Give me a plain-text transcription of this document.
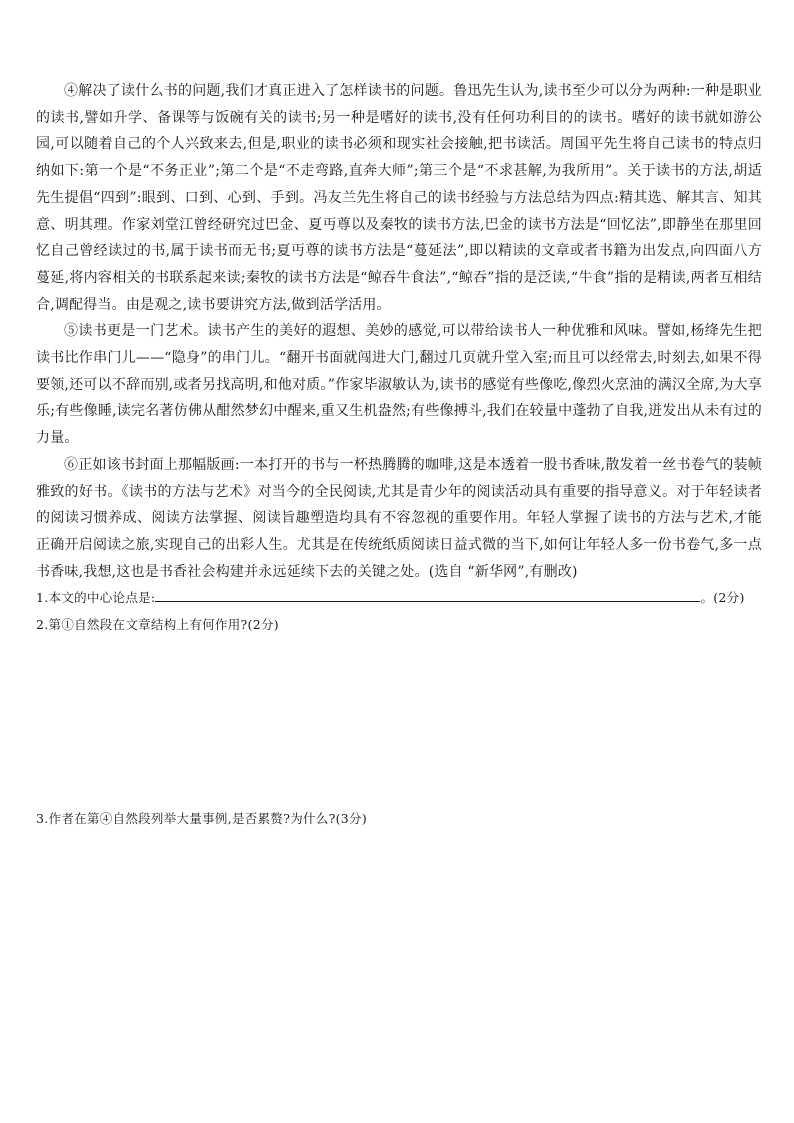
④解决了读什么书的问题,我们才真正进入了怎样读书的问题。鲁迅先生认为,读书至少可以分为两种:一种是职业的读书,譬如升学、备课等与饭碗有关的读书;另一种是嗜好的读书,没有任何功利目的的读书。嗜好的读书就如游公园,可以随着自己的个人兴致来去,但是,职业的读书必须和现实社会接触,把书读活。周国平先生将自己读书的特点归纳如下:第一个是“不务正业”;第二个是“不走弯路,直奔大师”;第三个是“不求甚解,为我所用”。关于读书的方法,胡适先生提倡“四到”:眼到、口到、心到、手到。冯友兰先生将自己的读书经验与方法总结为四点:精其选、解其言、知其意、明其理。作家刘堂江曾经研究过巴金、夏丏尊以及秦牧的读书方法,巴金的读书方法是“回忆法”,即静坐在那里回忆自己曾经读过的书,属于读书而无书;夏丏尊的读书方法是“蔓延法”,即以精读的文章或者书籍为出发点,向四面八方蔓延,将内容相关的书联系起来读;秦牧的读书方法是“鲸吞牛食法”,“鲸吞”指的是泛读,“牛食”指的是精读,两者互相结合,调配得当。由是观之,读书要讲究方法,做到活学活用。

⑤读书更是一门艺术。读书产生的美好的遐想、美妙的感觉,可以带给读书人一种优雅和风味。譬如,杨绛先生把读书比作串门儿——“隐身”的串门儿。“翻开书面就闯进大门,翻过几页就升堂入室;而且可以经常去,时刻去,如果不得要领,还可以不辞而别,或者另找高明,和他对质。”作家毕淑敏认为,读书的感觉有些像吃,像烈火烹油的满汉全席,为大享乐;有些像睡,读完名著仿佛从酣然梦幻中醒来,重又生机盎然;有些像搏斗,我们在较量中蓬勃了自我,迸发出从未有过的力量。

⑥正如该书封面上那幅版画:一本打开的书与一杯热腾腾的咖啡,这是本透着一股书香味,散发着一丝书卷气的装帧雅致的好书。《读书的方法与艺术》对当今的全民阅读,尤其是青少年的阅读活动具有重要的指导意义。对于年轻读者的阅读习惯养成、阅读方法掌握、阅读旨趣塑造均具有不容忽视的重要作用。年轻人掌握了读书的方法与艺术,才能正确开启阅读之旅,实现自己的出彩人生。尤其是在传统纸质阅读日益式微的当下,如何让年轻人多一份书卷气,多一点书香味,我想,这也是书香社会构建并永远延续下去的关键之处。(选自 “新华网”,有删改)

1.本文的中心论点是:	。(2分)

2.第①自然段在文章结构上有何作用?(2分)

3.作者在第④自然段列举大量事例,是否累赘?为什么?(3分)
